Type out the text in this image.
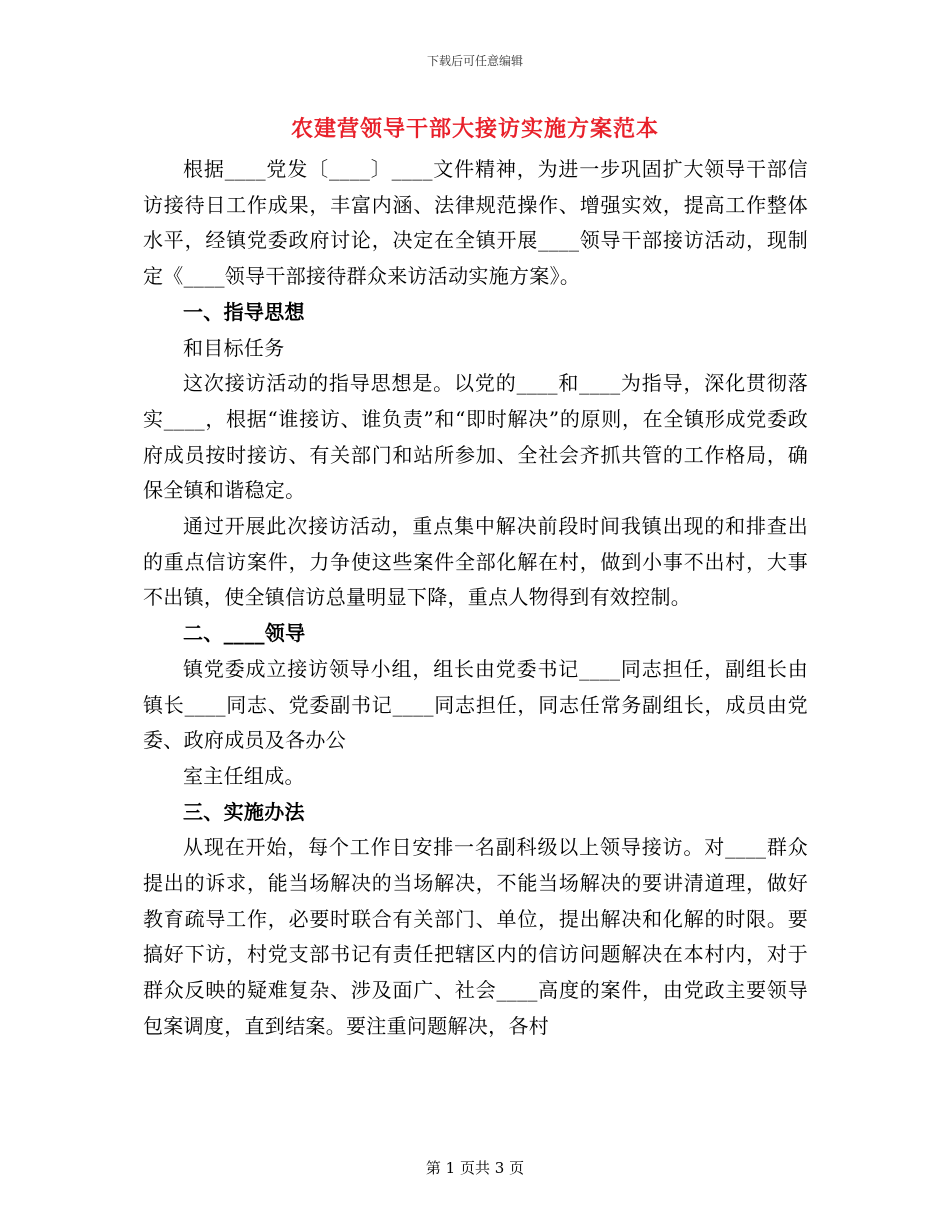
下载后可任意编辑
农建营领导干部大接访实施方案范本

根据____党发〔____〕____文件精神，为进一步巩固扩大领导干部信访接待日工作成果，丰富内涵、法律规范操作、增强实效，提高工作整体水平，经镇党委政府讨论，决定在全镇开展____领导干部接访活动，现制定《____领导干部接待群众来访活动实施方案》。

一、指导思想

和目标任务

这次接访活动的指导思想是。以党的____和____为指导，深化贯彻落实____，根据“谁接访、谁负责”和“即时解决”的原则，在全镇形成党委政府成员按时接访、有关部门和站所参加、全社会齐抓共管的工作格局，确保全镇和谐稳定。

通过开展此次接访活动，重点集中解决前段时间我镇出现的和排查出的重点信访案件，力争使这些案件全部化解在村，做到小事不出村，大事不出镇，使全镇信访总量明显下降，重点人物得到有效控制。

二、____领导

镇党委成立接访领导小组，组长由党委书记____同志担任，副组长由镇长____同志、党委副书记____同志担任，同志任常务副组长，成员由党委、政府成员及各办公

室主任组成。

三、实施办法

从现在开始，每个工作日安排一名副科级以上领导接访。对____群众提出的诉求，能当场解决的当场解决，不能当场解决的要讲清道理，做好教育疏导工作，必要时联合有关部门、单位，提出解决和化解的时限。要搞好下访，村党支部书记有责任把辖区内的信访问题解决在本村内，对于群众反映的疑难复杂、涉及面广、社会____高度的案件，由党政主要领导包案调度，直到结案。要注重问题解决，各村

第 1 页共 3 页
